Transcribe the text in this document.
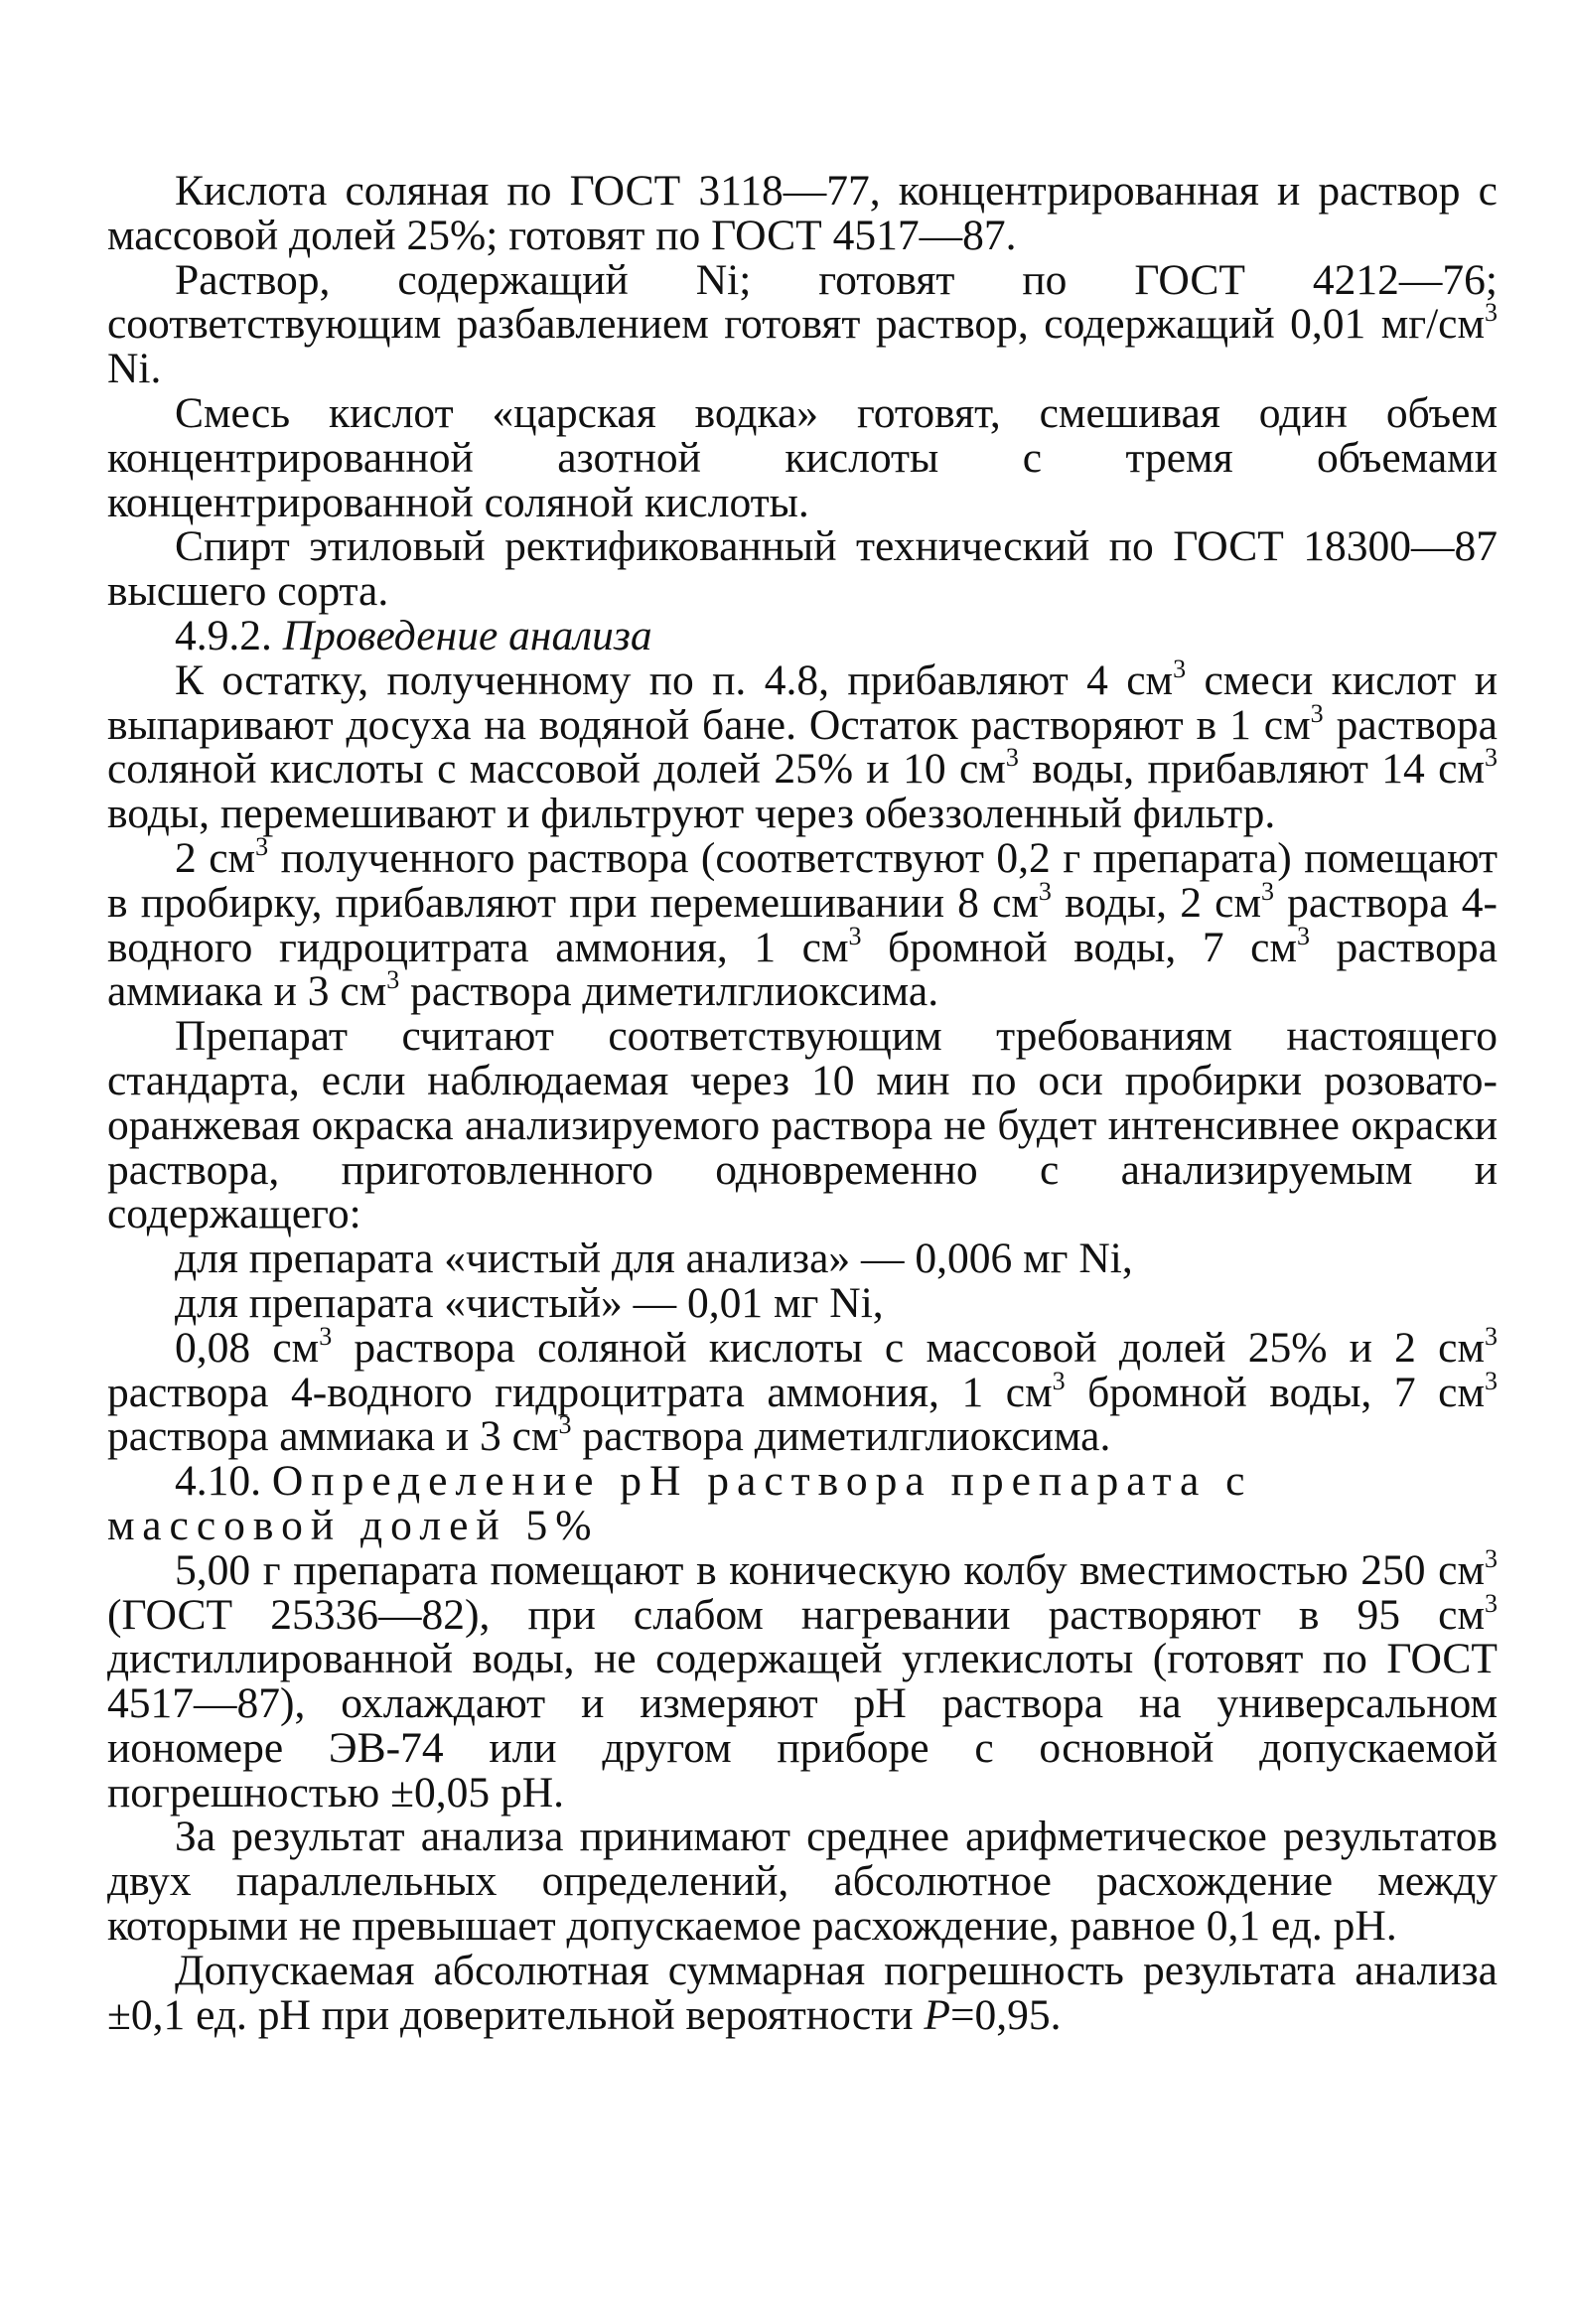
Кислота соляная по ГОСТ 3118—77, концентрированная и раствор с массовой долей 25%; готовят по ГОСТ 4517—87.

Раствор, содержащий Ni; готовят по ГОСТ 4212—76; соответствующим разбавлением готовят раствор, содержащий 0,01 $мг/см^3$ Ni.

Смесь кислот «царская водка» готовят, смешивая один объем концентрированной азотной кислоты с тремя объемами концентрированной соляной кислоты.

Спирт этиловый ректификованный технический по ГОСТ 18300—87 высшего сорта.

4.9.2. Проведение анализа

К остатку, полученному по п. 4.8, прибавляют 4 $см^3$ смеси кислот и выпаривают досуха на водяной бане. Остаток растворяют в 1 $см^3$ раствора соляной кислоты с массовой долей 25% и 10 $см^3$ воды, прибавляют 14 $см^3$ воды, перемешивают и фильтруют через обеззоленный фильтр.

2 $см^3$ полученного раствора (соответствуют 0,2 г препарата) помещают в пробирку, прибавляют при перемешивании 8 $см^3$ воды, 2 $см^3$ раствора 4-водного гидроцитрата аммония, 1 $см^3$ бромной воды, 7 $см^3$ раствора аммиака и 3 $см^3$ раствора диметилглиоксима.

Препарат считают соответствующим требованиям настоящего стандарта, если наблюдаемая через 10 мин по оси пробирки розовато-оранжевая окраска анализируемого раствора не будет интенсивнее окраски раствора, приготовленного одновременно с анализируемым и содержащего:

для препарата «чистый для анализа» — 0,006 мг Ni,

для препарата «чистый» — 0,01 мг Ni,

0,08 $см^3$ раствора соляной кислоты с массовой долей 25% и 2 $см^3$ раствора 4-водного гидроцитрата аммония, 1 $см^3$ бромной воды, 7 $см^3$ раствора аммиака и 3 $см^3$ раствора диметилглиоксима.

4.10. Определение pH раствора препарата с массовой долей 5%

5,00 г препарата помещают в коническую колбу вместимостью 250 $см^3$ (ГОСТ 25336—82), при слабом нагревании растворяют в 95 $см^3$ дистиллированной воды, не содержащей углекислоты (готовят по ГОСТ 4517—87), охлаждают и измеряют pH раствора на универсальном иономере ЭВ-74 или другом приборе с основной допускаемой погрешностью ±0,05 pH.

За результат анализа принимают среднее арифметическое результатов двух параллельных определений, абсолютное расхождение между которыми не превышает допускаемое расхождение, равное 0,1 ед. pH.

Допускаемая абсолютная суммарная погрешность результата анализа ±0,1 ед. pH при доверительной вероятности P=0,95.
